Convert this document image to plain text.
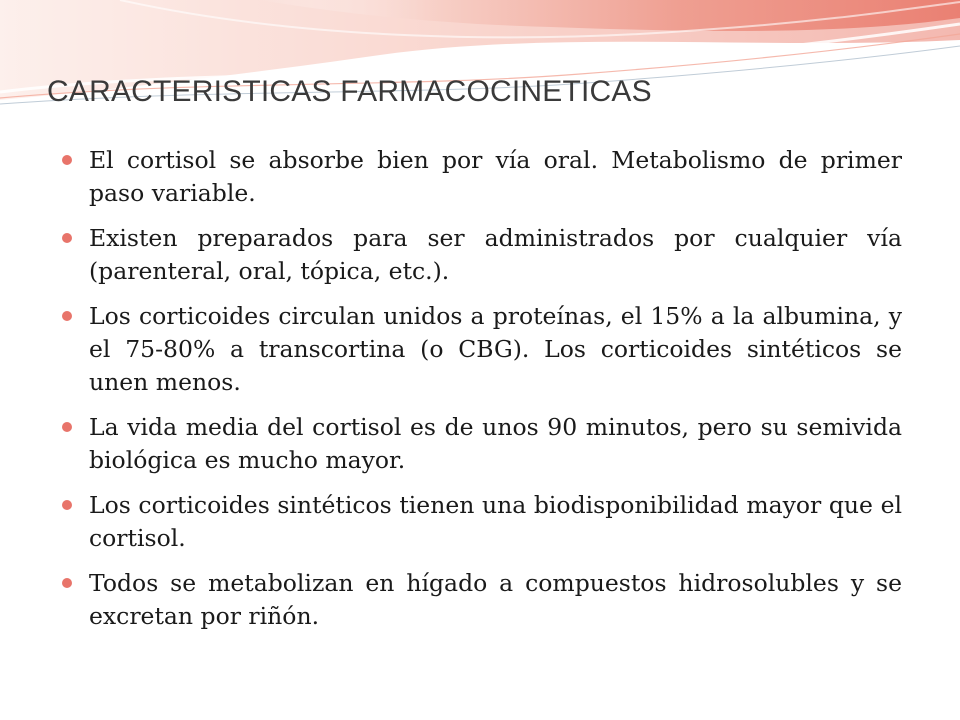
CARACTERISTICAS FARMACOCINETICAS
El cortisol se absorbe bien por vía oral. Metabolismo de primer paso variable.
Existen preparados para ser administrados por cualquier vía (parenteral, oral, tópica, etc.).
Los corticoides circulan unidos a proteínas, el 15% a la albumina, y el 75-80% a transcortina (o CBG). Los corticoides sintéticos se unen menos.
La vida media del cortisol es de unos 90 minutos, pero su semivida biológica es mucho mayor.
Los corticoides sintéticos tienen una biodisponibilidad mayor que el cortisol.
Todos se metabolizan en hígado a compuestos hidrosolubles y se excretan por riñón.
